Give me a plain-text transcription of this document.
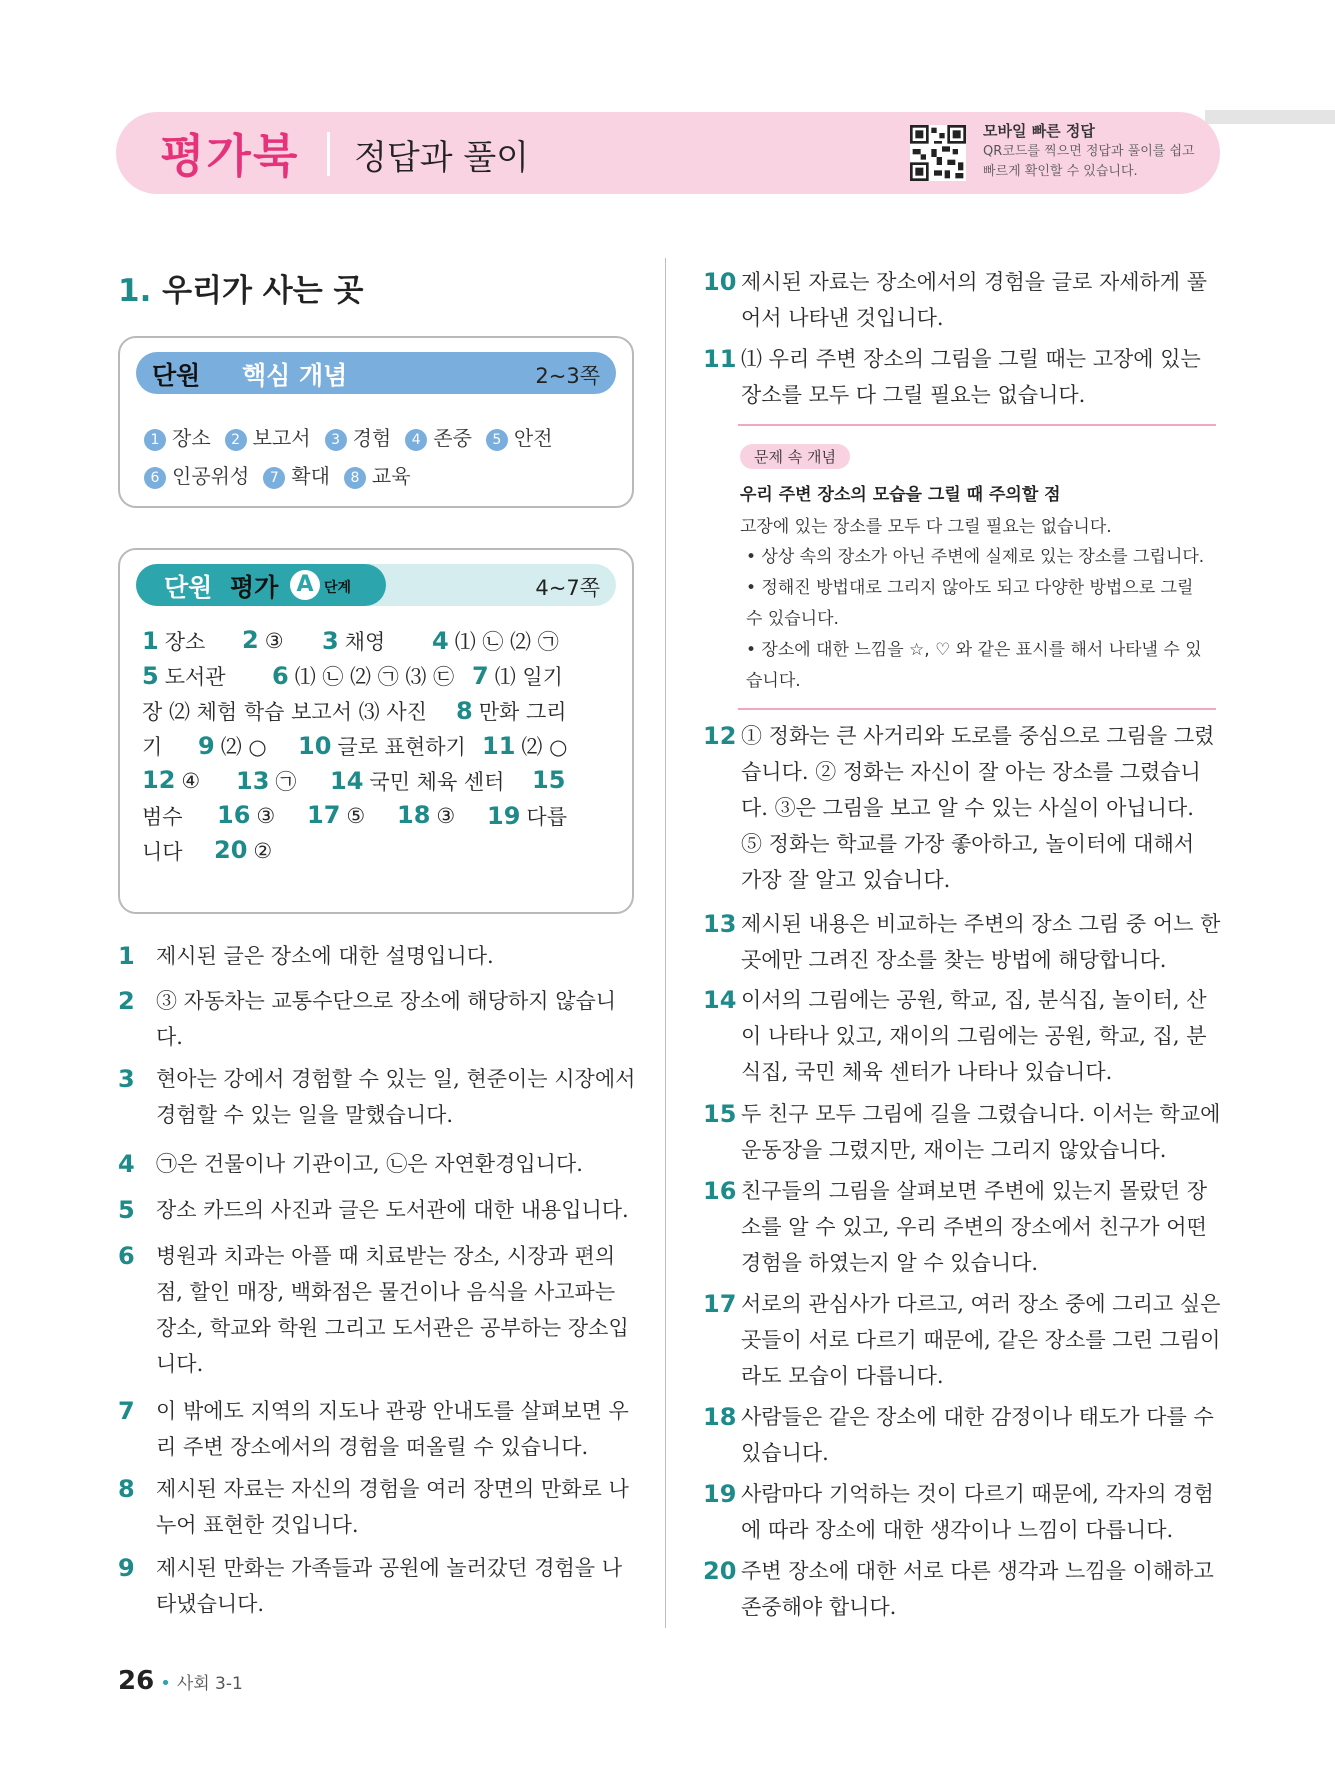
평가북 정답과 풀이
모바일 빠른 정답
QR코드를 찍으면 정답과 풀이를 쉽고 빠르게 확인할 수 있습니다.
1. 우리가 사는 곳
단원 핵심 개념	2~3쪽
1 장소 2 보고서 3 경험 4 존중 5 안전
6 인공위성 7 확대 8 교육
단원 평가 A 단계	4~7쪽
1 장소 2 ③ 3 채영 4 ⑴ ㉡ ⑵ ㉠
5 도서관 6 ⑴ ㉡ ⑵ ㉠ ⑶ ㉢ 7 ⑴ 일기
장 ⑵ 체험 학습 보고서 ⑶ 사진 8 만화 그리
기 9 ⑵ ○ 10 글로 표현하기 11 ⑵ ○
12 ④ 13 ㉠ 14 국민 체육 센터 15
범수 16 ③ 17 ⑤ 18 ③ 19 다릅
니다 20 ②
1 제시된 글은 장소에 대한 설명입니다.
2 ③ 자동차는 교통수단으로 장소에 해당하지 않습니다.
3 현아는 강에서 경험할 수 있는 일, 현준이는 시장에서 경험할 수 있는 일을 말했습니다.
4 ㉠은 건물이나 기관이고, ㉡은 자연환경입니다.
5 장소 카드의 사진과 글은 도서관에 대한 내용입니다.
6 병원과 치과는 아플 때 치료받는 장소, 시장과 편의점, 할인 매장, 백화점은 물건이나 음식을 사고파는 장소, 학교와 학원 그리고 도서관은 공부하는 장소입니다.
7 이 밖에도 지역의 지도나 관광 안내도를 살펴보면 우리 주변 장소에서의 경험을 떠올릴 수 있습니다.
8 제시된 자료는 자신의 경험을 여러 장면의 만화로 나누어 표현한 것입니다.
9 제시된 만화는 가족들과 공원에 놀러갔던 경험을 나타냈습니다.
10 제시된 자료는 장소에서의 경험을 글로 자세하게 풀어서 나타낸 것입니다.
11 ⑴ 우리 주변 장소의 그림을 그릴 때는 고장에 있는 장소를 모두 다 그릴 필요는 없습니다.
문제 속 개념
우리 주변 장소의 모습을 그릴 때 주의할 점
고장에 있는 장소를 모두 다 그릴 필요는 없습니다.
• 상상 속의 장소가 아닌 주변에 실제로 있는 장소를 그립니다.
• 정해진 방법대로 그리지 않아도 되고 다양한 방법으로 그릴 수 있습니다.
• 장소에 대한 느낌을 ☆, ♡ 와 같은 표시를 해서 나타낼 수 있습니다.
12 ① 정화는 큰 사거리와 도로를 중심으로 그림을 그렸습니다. ② 정화는 자신이 잘 아는 장소를 그렸습니다. ③은 그림을 보고 알 수 있는 사실이 아닙니다. ⑤ 정화는 학교를 가장 좋아하고, 놀이터에 대해서 가장 잘 알고 있습니다.
13 제시된 내용은 비교하는 주변의 장소 그림 중 어느 한 곳에만 그려진 장소를 찾는 방법에 해당합니다.
14 이서의 그림에는 공원, 학교, 집, 분식집, 놀이터, 산이 나타나 있고, 재이의 그림에는 공원, 학교, 집, 분식집, 국민 체육 센터가 나타나 있습니다.
15 두 친구 모두 그림에 길을 그렸습니다. 이서는 학교에 운동장을 그렸지만, 재이는 그리지 않았습니다.
16 친구들의 그림을 살펴보면 주변에 있는지 몰랐던 장소를 알 수 있고, 우리 주변의 장소에서 친구가 어떤 경험을 하였는지 알 수 있습니다.
17 서로의 관심사가 다르고, 여러 장소 중에 그리고 싶은 곳들이 서로 다르기 때문에, 같은 장소를 그린 그림이라도 모습이 다릅니다.
18 사람들은 같은 장소에 대한 감정이나 태도가 다를 수 있습니다.
19 사람마다 기억하는 것이 다르기 때문에, 각자의 경험에 따라 장소에 대한 생각이나 느낌이 다릅니다.
20 주변 장소에 대한 서로 다른 생각과 느낌을 이해하고 존중해야 합니다.
26 • 사회 3-1
